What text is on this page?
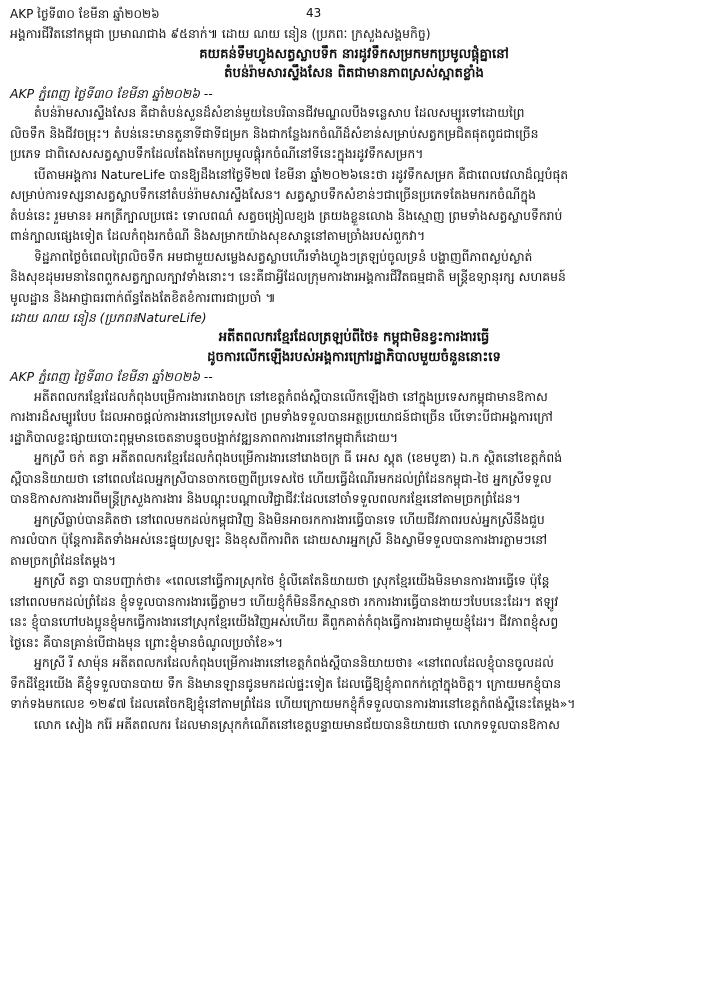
AKP ថ្ងៃទី៣០ ខែមីនា ឆ្នាំ២០២៦	43

អង្គការជីវិតនៅកម្ពុជា ប្រមាណជាង ៩៥នាក់៕ ដោយ ណយ នៀន (ប្រភពៈ ក្រសួងសង្គមកិច្ច)

គយគន់ទឹមហ្វូងសត្វស្លាបទឹក នារដូវទឹកសម្រកមកប្រមូលផ្តុំគ្នានៅ
តំបន់រ៉ាមសារស្ទឹងសែន ពិតជាមានភាពស្រស់ស្អាតខ្លាំង

AKP ភ្នំពេញ ថ្ងៃទី៣០ ខែមីនា ឆ្នាំ២០២៦ --

តំបន់រ៉ាមសារស្ទឹងសែន គឺជាតំបន់សួនដ៏សំខាន់មួយនៃបរិធានជីវមណ្ឌលបឹងទន្លេសាប ដែលសម្បូរទៅដោយព្រៃ

លិចទឹក និងជីវចម្រុះ។ តំបន់នេះមានតួនាទីជាទីជម្រក និងជាកន្លែងរកចំណីដ៏សំខាន់សម្រាប់សត្វកម្រជិតផុតពូជជាច្រើន

ប្រភេទ ជាពិសេសសត្វស្លាបទឹកដែលតែងតែមកប្រមូលផ្តុំរកចំណីនៅទីនេះក្នុងរដូវទឹកសម្រក។

បើតាមអង្គការ NatureLife បានឱ្យដឹងនៅថ្ងៃទី២៧ ខែមីនា ឆ្នាំ២០២៦នេះថា រដូវទឹកសម្រក គឺជាពេលវេលាដ៏ល្អបំផុត

សម្រាប់ការទស្សនាសត្វស្លាបទឹកនៅតំបន់រ៉ាមសារស្ទឹងសែន។ សត្វស្លាបទឹកសំខាន់ៗជាច្រើនប្រភេទតែងមករកចំណីក្នុង

តំបន់នេះ រួមមាន៖ អកត្រីក្បាលប្រផេះ ទោលពណ៌ សត្វចង្រៀលខ្យង ត្រយងខ្លួនលោង និងស្មោញ ព្រមទាំងសត្វស្លាបទឹករាប់

ពាន់ក្បាលផ្សេងទៀត ដែលកំពុងរកចំណី និងសម្រាកយ៉ាងសុខសាន្តនៅតាមច្រាំងរបស់ពួកវា។

ទិដ្ឋភាពថ្ងៃចំពេលព្រៃលិចទឹក អមជាមួយសម្លេងសត្វស្លាបហើរទាំងហ្វូងៗត្រឡប់ចូលទ្រនំ បង្ហាញពីភាពស្ងប់ស្ងាត់

និងសុខដុមរមនានៃពពួកសត្វក្បាលក្បាវទាំងនោះ។ នេះគឺជាអ្វីដែលក្រុមការងារអង្គការជីវិតធម្មជាតិ មន្ត្រីឧទ្យានុរក្ស សហគមន៍

មូលដ្ឋាន និងអាជ្ញាធរពាក់ព័ន្ធតែងតែខិតខំការពារជាប្រចាំ ៕

ដោយ ណយ នៀន (ប្រភព៖NatureLife)

អតីតពលករខ្មែរដែលត្រឡប់ពីថៃ៖ កម្ពុជាមិនខ្វះការងារធ្វើ
ដូចការលើកឡើងរបស់អង្គការក្រៅរដ្ឋាភិបាលមួយចំនួននោះទេ

AKP ភ្នំពេញ ថ្ងៃទី៣០ ខែមីនា ឆ្នាំ២០២៦ --

អតីតពលករខ្មែរដែលកំពុងបម្រើការងាររោងចក្រ នៅខេត្តកំពង់ស្ពឺបានលើកឡើងថា នៅក្នុងប្រទេសកម្ពុជាមានឱកាស

ការងារដ៏សម្បូរបែប ដែលអាចផ្តល់ការងារនៅប្រទេសថៃ ព្រមទាំងទទួលបានអត្ថប្រយោជន៍ជាច្រើន បើទោះបីជាអង្គការក្រៅ

រដ្ឋាភិបាលខ្លះផ្សាយបោះពុម្ពមានចេតនាបន្ទុចបង្អាក់វឌ្ឍនភាពការងារនៅកម្ពុជាក៏ដោយ។

អ្នកស្រី ចក់ តន្ធា អតីតពលករខ្មែរដែលកំពុងបម្រើការងារនៅរោងចក្រ ធី អេស ស្គុត (ខេមបូឌា) ឯ.ក ស្ថិតនៅខេត្តកំពង់

ស្ពឺបាននិយាយថា នៅពេលដែលអ្នកស្រីបានចាកចេញពីប្រទេសថៃ ហើយធ្វើដំណើរមកដល់ព្រំដែនកម្ពុជា-ថៃ អ្នកស្រីទទួល

បានឱកាសការងារពីមន្ត្រីក្រសួងការងារ និងបណ្តុះបណ្តាលវិជ្ជាជីវៈដែលនៅចាំទទួលពលករខ្មែរនៅតាមច្រកព្រំដែន។

អ្នកស្រីធ្លាប់បានគិតថា នៅពេលមកដល់កម្ពុជាវិញ និងមិនអាចរកការងារធ្វើបានទេ ហើយជីវភាពរបស់អ្នកស្រីនឹងជួប

ការលំបាក ប៉ុន្តែការគិតទាំងអស់នេះផ្ទុយស្រឡះ និងខុសពីការពិត ដោយសារអ្នកស្រី និងស្វាមីទទួលបានការងារភ្លាមៗនៅ

តាមច្រកព្រំដែនតែម្តង។

អ្នកស្រី តន្ធា បានបញ្ជាក់ថា៖ «ពេលនៅធ្វើការស្រុកថៃ ខ្ញុំលឺគេតែនិយាយថា ស្រុកខ្មែរយើងមិនមានការងារធ្វើទេ ប៉ុន្តែ

នៅពេលមកដល់ព្រំដែន ខ្ញុំទទួលបានការងារធ្វើភ្លាមៗ ហើយខ្ញុំក៏មិននឹកស្មានថា រកការងារធ្វើបានងាយៗបែបនេះដែរ។ ឥឡូវ

នេះ ខ្ញុំបានហៅបងប្អូនខ្ញុំមកធ្វើការងារនៅស្រុកខ្មែរយើងវិញអស់ហើយ គឺពួកគាត់កំពុងធ្វើការងារជាមួយខ្ញុំដែរ។ ជីវភាពខ្ញុំសព្វ

ថ្ងៃនេះ គឺបានគ្រាន់បើជាងមុន ព្រោះខ្ញុំមានចំណូលប្រចាំខែ»។

អ្នកស្រី រី សាម៉ុន អតីតពលករដែលកំពុងបម្រើការងារនៅខេត្តកំពង់ស្ពឺបាននិយាយថា៖ «នៅពេលដែលខ្ញុំបានចូលដល់

ទឹកដីខ្មែរយើង គឺខ្ញុំទទួលបានបាយ ទឹក និងមានឡានជូនមកដល់ផ្ទះទៀត ដែលធ្វើឱ្យខ្ញុំភាពកក់ក្តៅក្នុងចិត្ត។ ក្រោយមកខ្ញុំបាន

ទាក់ទងមកលេខ ១២៩៧ ដែលគេចែកឱ្យខ្ញុំនៅតាមព្រំដែន ហើយក្រោយមកខ្ញុំក៏ទទួលបានការងារនៅខេត្តកំពង់ស្ពឺនេះតែម្តង»។

លោក សៀង ករ៉ែ អតីតពលករ ដែលមានស្រុកកំណើតនៅខេត្តបន្ទាយមានជ័យបាននិយាយថា លោកទទួលបានឱកាស
